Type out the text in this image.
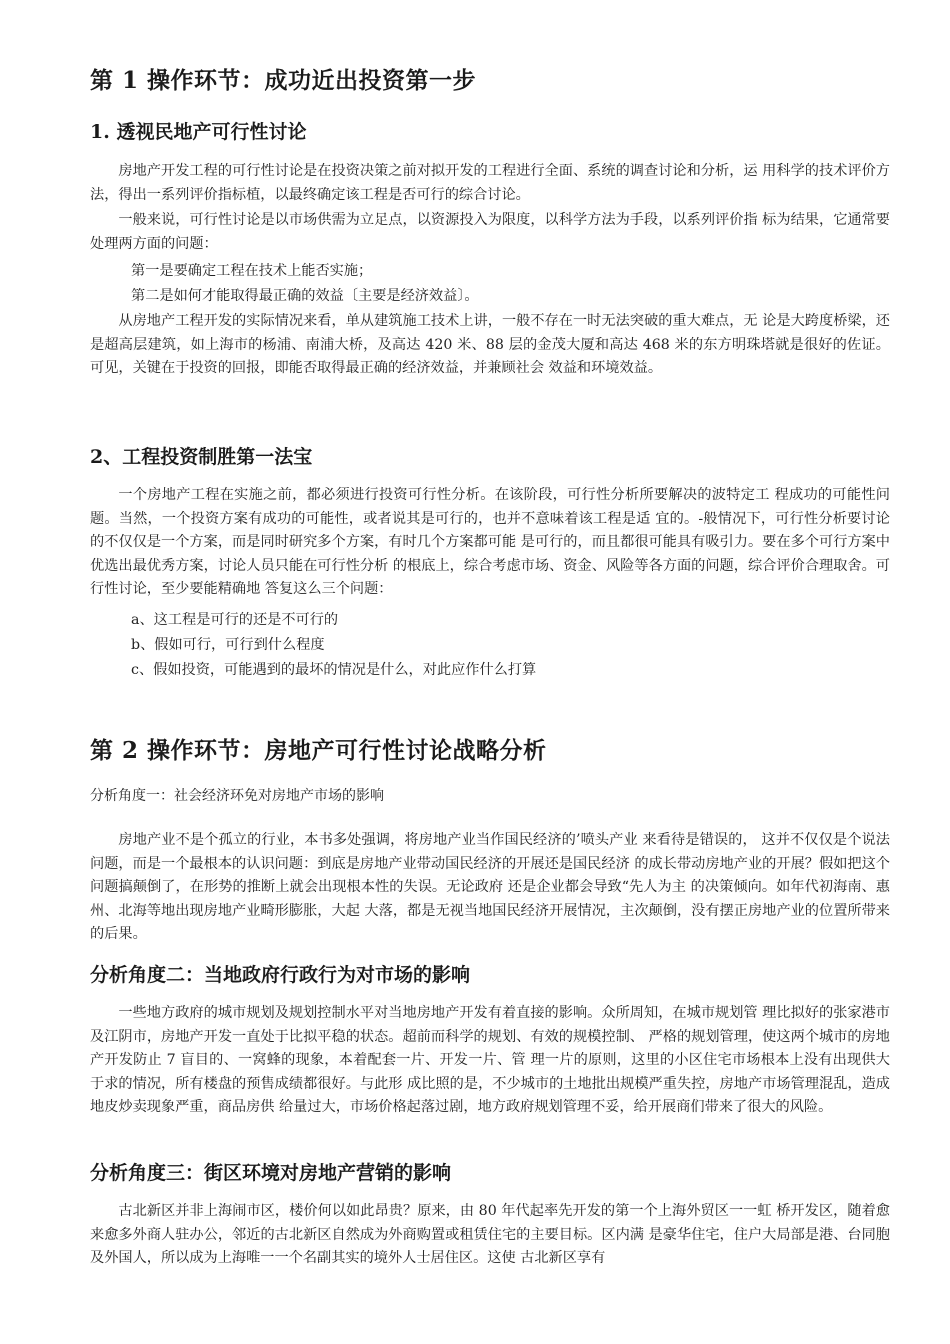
第 1 操作环节：成功近出投资第一步
1. 透视民地产可行性讨论

房地产开发工程的可行性讨论是在投资决策之前对拟开发的工程进行全面、系统的调查讨论和分析，运 用科学的技术评价方法，得出一系列评价指标植，以最终确定该工程是否可行的综合讨论。

一般来说，可行性讨论是以市场供需为立足点，以资源投入为限度，以科学方法为手段，以系列评价指 标为结果，它通常要处理两方面的问题：

第一是要确定工程在技术上能否实施；

第二是如何才能取得最正确的效益〔主要是经济效益〕。

从房地产工程开发的实际情况来看，单从建筑施工技术上讲，一般不存在一时无法突破的重大难点，无 论是大跨度桥梁，还是超高层建筑，如上海市的杨浦、南浦大桥，及高达 420 米、88 层的金茂大厦和高达 468 米的东方明珠塔就是很好的佐证。可见，关键在于投资的回报，即能否取得最正确的经济效益，并兼顾社会 效益和环境效益。

2、工程投资制胜第一法宝

一个房地产工程在实施之前，都必须进行投资可行性分析。在该阶段，可行性分析所要解决的波特定工 程成功的可能性问题。当然，一个投资方案有成功的可能性，或者说其是可行的，也并不意味着该工程是适 宜的。-般情况下，可行性分析要讨论的不仅仅是一个方案，而是同时研究多个方案，有时几个方案都可能 是可行的，而且都很可能具有吸引力。要在多个可行方案中优选出最优秀方案，讨论人员只能在可行性分析 的根底上，综合考虑市场、资金、风险等各方面的问题，综合评价合理取舍。可行性讨论，至少要能精确地 答复这么三个问题：

a、这工程是可行的还是不可行的

b、假如可行，可行到什么程度

c、假如投资，可能遇到的最坏的情况是什么，对此应作什么打算

第 2 操作环节：房地产可行性讨论战略分析

分析角度一：社会经济环免对房地产市场的影响

房地产业不是个孤立的行业，本书多处强调，将房地产业当作国民经济的’喷头产业 来看待是错误的， 这并不仅仅是个说法问题，而是一个最根本的认识问题：到底是房地产业带动国民经济的开展还是国民经济 的成长带动房地产业的开展？假如把这个问题搞颠倒了，在形势的推断上就会出现根本性的失误。无论政府 还是企业都会导致“先人为主 的决策倾向。如年代初海南、惠州、北海等地出现房地产业畸形膨胀，大起 大落，都是无视当地国民经济开展情况，主次颠倒，没有摆正房地产业的位置所带来的后果。

分析角度二：当地政府行政行为对市场的影响

一些地方政府的城市规划及规划控制水平对当地房地产开发有着直接的影响。众所周知，在城市规划管 理比拟好的张家港市及江阴市，房地产开发一直处于比拟平稳的状态。超前而科学的规划、有效的规模控制、 严格的规划管理，使这两个城市的房地产开发防止 7 盲目的、一窝蜂的现象，本着配套一片、开发一片、管 理一片的原则，这里的小区住宅市场根本上没有出现供大于求的情况，所有楼盘的预售成绩都很好。与此形 成比照的是，不少城市的土地批出规模严重失控，房地产市场管理混乱，造成地皮炒卖现象严重，商品房供 给量过大，市场价格起落过剧，地方政府规划管理不妥，给开展商们带来了很大的风险。

分析角度三：街区环境对房地产营销的影响

古北新区并非上海闹市区，楼价何以如此昂贵？原来，由 80 年代起率先开发的第一个上海外贸区一一虹 桥开发区，随着愈来愈多外商人驻办公，邻近的古北新区自然成为外商购置或租赁住宅的主要目标。区内满 是豪华住宅，住户大局部是港、台同胞及外国人，所以成为上海唯一一个名副其实的境外人士居住区。这使 古北新区享有
